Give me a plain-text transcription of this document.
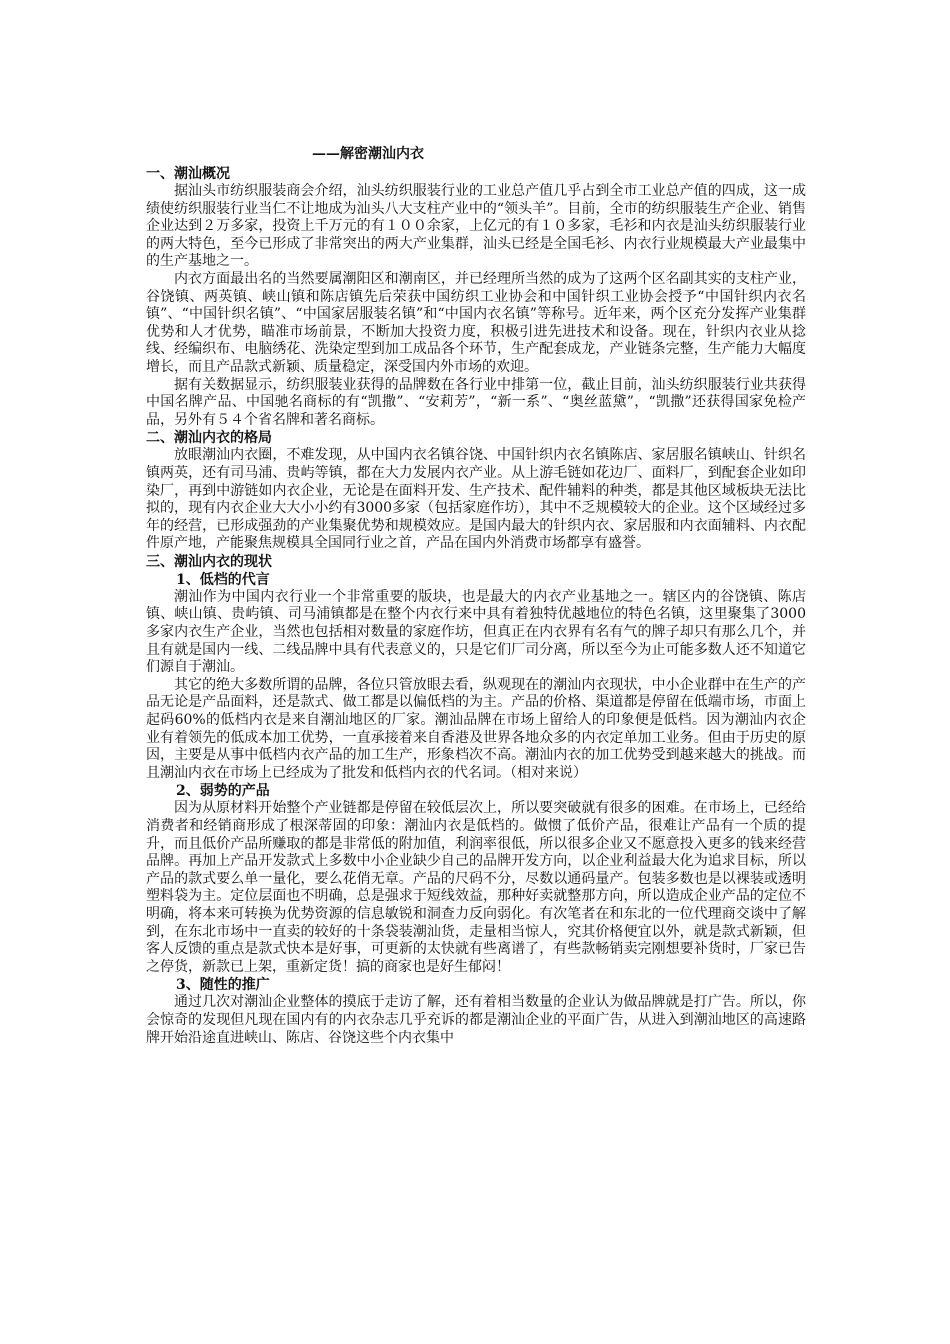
——解密潮汕内衣
一、潮汕概况
据汕头市纺织服装商会介绍，汕头纺织服装行业的工业总产值几乎占到全市工业总产值的四成，这一成绩使纺织服装行业当仁不让地成为汕头八大支柱产业中的“领头羊”。目前，全市的纺织服装生产企业、销售企业达到２万多家，投资上千万元的有１００余家，上亿元的有１０多家，毛衫和内衣是汕头纺织服装行业的两大特色，至今已形成了非常突出的两大产业集群，汕头已经是全国毛衫、内衣行业规模最大产业最集中的生产基地之一。
内衣方面最出名的当然要属潮阳区和潮南区，并已经理所当然的成为了这两个区名副其实的支柱产业，谷饶镇、两英镇、峡山镇和陈店镇先后荣获中国纺织工业协会和中国针织工业协会授予“中国针织内衣名镇”、“中国针织名镇”、“中国家居服装名镇”和“中国内衣名镇”等称号。近年来，两个区充分发挥产业集群优势和人才优势，瞄准市场前景，不断加大投资力度，积极引进先进技术和设备。现在，针织内衣业从捻线、经编织布、电脑绣花、洗染定型到加工成品各个环节，生产配套成龙，产业链条完整，生产能力大幅度增长，而且产品款式新颖、质量稳定，深受国内外市场的欢迎。
据有关数据显示，纺织服装业获得的品牌数在各行业中排第一位，截止目前，汕头纺织服装行业共获得中国名牌产品、中国驰名商标的有“凯撒”、“安莉芳”，“新一系”、“奥丝蓝黛”，“凯撒”还获得国家免检产品，另外有５４个省名牌和著名商标。
二、潮汕内衣的格局
放眼潮汕内衣圈，不难发现，从中国内衣名镇谷饶、中国针织内衣名镇陈店、家居服名镇峡山、针织名镇两英，还有司马浦、贵屿等镇，都在大力发展内衣产业。从上游毛链如花边厂、面料厂，到配套企业如印染厂，再到中游链如内衣企业，无论是在面料开发、生产技术、配件辅料的种类，都是其他区域板块无法比拟的，现有内衣企业大大小小约有3000多家（包括家庭作坊），其中不乏规模较大的企业。这个区域经过多年的经营，已形成强劲的产业集聚优势和规模效应。是国内最大的针织内衣、家居服和内衣面辅料、内衣配件原产地，产能聚焦规模具全国同行业之首，产品在国内外消费市场都享有盛誉。
三、潮汕内衣的现状
1、低档的代言
潮汕作为中国内衣行业一个非常重要的版块，也是最大的内衣产业基地之一。辖区内的谷饶镇、陈店镇、峡山镇、贵屿镇、司马浦镇都是在整个内衣行来中具有着独特优越地位的特色名镇，这里聚集了3000多家内衣生产企业，当然也包括相对数量的家庭作坊，但真正在内衣界有名有气的牌子却只有那么几个，并且有就是国内一线、二线品牌中具有代表意义的，只是它们厂司分离，所以至今为止可能多数人还不知道它们源自于潮汕。
其它的绝大多数所谓的品牌，各位只管放眼去看，纵观现在的潮汕内衣现状，中小企业群中在生产的产品无论是产品面料，还是款式、做工都是以偏低档的为主。产品的价格、渠道都是停留在低端市场，市面上起码60%的低档内衣是来自潮汕地区的厂家。潮汕品牌在市场上留给人的印象便是低档。因为潮汕内衣企业有着领先的低成本加工优势，一直承接着来自香港及世界各地众多的内衣定单加工业务。但由于历史的原因，主要是从事中低档内衣产品的加工生产，形象档次不高。潮汕内衣的加工优势受到越来越大的挑战。而且潮汕内衣在市场上已经成为了批发和低档内衣的代名词。（相对来说）
2、弱势的产品
因为从原材料开始整个产业链都是停留在较低层次上，所以要突破就有很多的困难。在市场上，已经给消费者和经销商形成了根深蒂固的印象：潮汕内衣是低档的。做惯了低价产品，很难让产品有一个质的提升，而且低价产品所赚取的都是非常低的附加值，利润率很低，所以很多企业又不愿意投入更多的钱来经营品牌。再加上产品开发款式上多数中小企业缺少自己的品牌开发方向，以企业利益最大化为追求目标，所以产品的款式要么单一量化，要么花俏无章。产品的尺码不分，尽数以通码量产。包装多数也是以裸装或透明塑料袋为主。定位层面也不明确，总是强求于短线效益，那种好卖就整那方向，所以造成企业产品的定位不明确，将本来可转换为优势资源的信息敏锐和洞查力反向弱化。有次笔者在和东北的一位代理商交谈中了解到，在东北市场中一直卖的较好的十条袋装潮汕货，走量相当惊人，究其价格便宜以外，就是款式新颖，但客人反馈的重点是款式快本是好事，可更新的太快就有些离谱了，有些款畅销卖完刚想要补货时，厂家已告之停货，新款已上架，重新定货！搞的商家也是好生郁闷！
3、随性的推广
通过几次对潮汕企业整体的摸底于走访了解，还有着相当数量的企业认为做品牌就是打广告。所以，你会惊奇的发现但凡现在国内有的内衣杂志几乎充诉的都是潮汕企业的平面广告，从进入到潮汕地区的高速路牌开始沿途直进峡山、陈店、谷饶这些个内衣集中
